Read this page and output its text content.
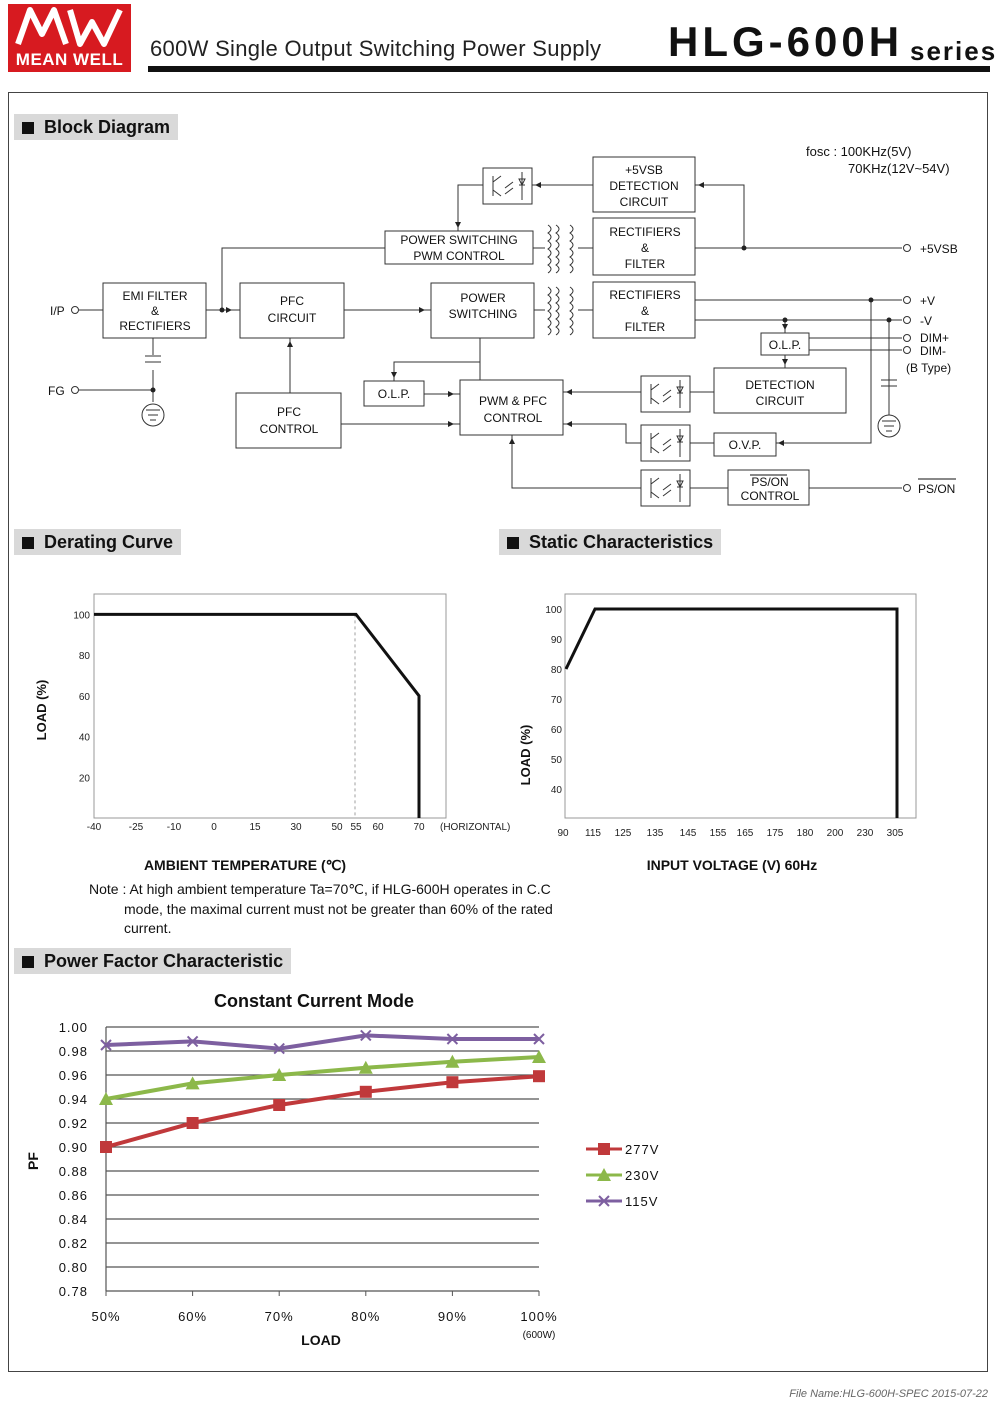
MEAN WELL	600W Single Output Switching Power Supply HLG-600H series
Block Diagram
Derating Curve	Static Characteristics
Power Factor Characteristic
+5VSB
DETECTION
CIRCUIT
RECTIFIERS
&
FILTER
POWER SWITCHING
PWM CONTROL
EMI FILTER
&
RECTIFIERS
PFC
CIRCUIT
POWER
SWITCHING
RECTIFIERS
&
FILTER
O.L.P.
O.L.P.
PFC
CONTROL
PWM & PFC
CONTROL
DETECTION
CIRCUIT
O.V.P.
PS/ON
CONTROL
fosc : 100KHz(5V)
70KHz(12V~54V)
I/P
FG
+5VSB
+V
-V
DIM+
DIM-
(B Type)
PS/ON
-40	-25 -10	0	15	30	50 55 60	70 (HORIZONTAL)
20
40
60
80
100
AMBIENT TEMPERATURE (℃)
LOAD (%)
90 115 125 135 145 155 165 175 180 200 230 305
40
50
60
70
80
90
100
INPUT VOLTAGE (V) 60Hz
LOAD (%)
Note : At high ambient temperature Ta=70℃, if HLG-600H operates in C.C
mode, the maximal current must not be greater than 60% of the rated
current.
Constant Current Mode
0.78
0.80
0.82
0.84
0.86
0.88
0.90
0.92
0.94
0.96
0.98
1.00
50%	60%	70%	80%	90%	100%
(600W)
LOAD
PF
277V
230V
115V
File Name:HLG-600H-SPEC 2015-07-22
